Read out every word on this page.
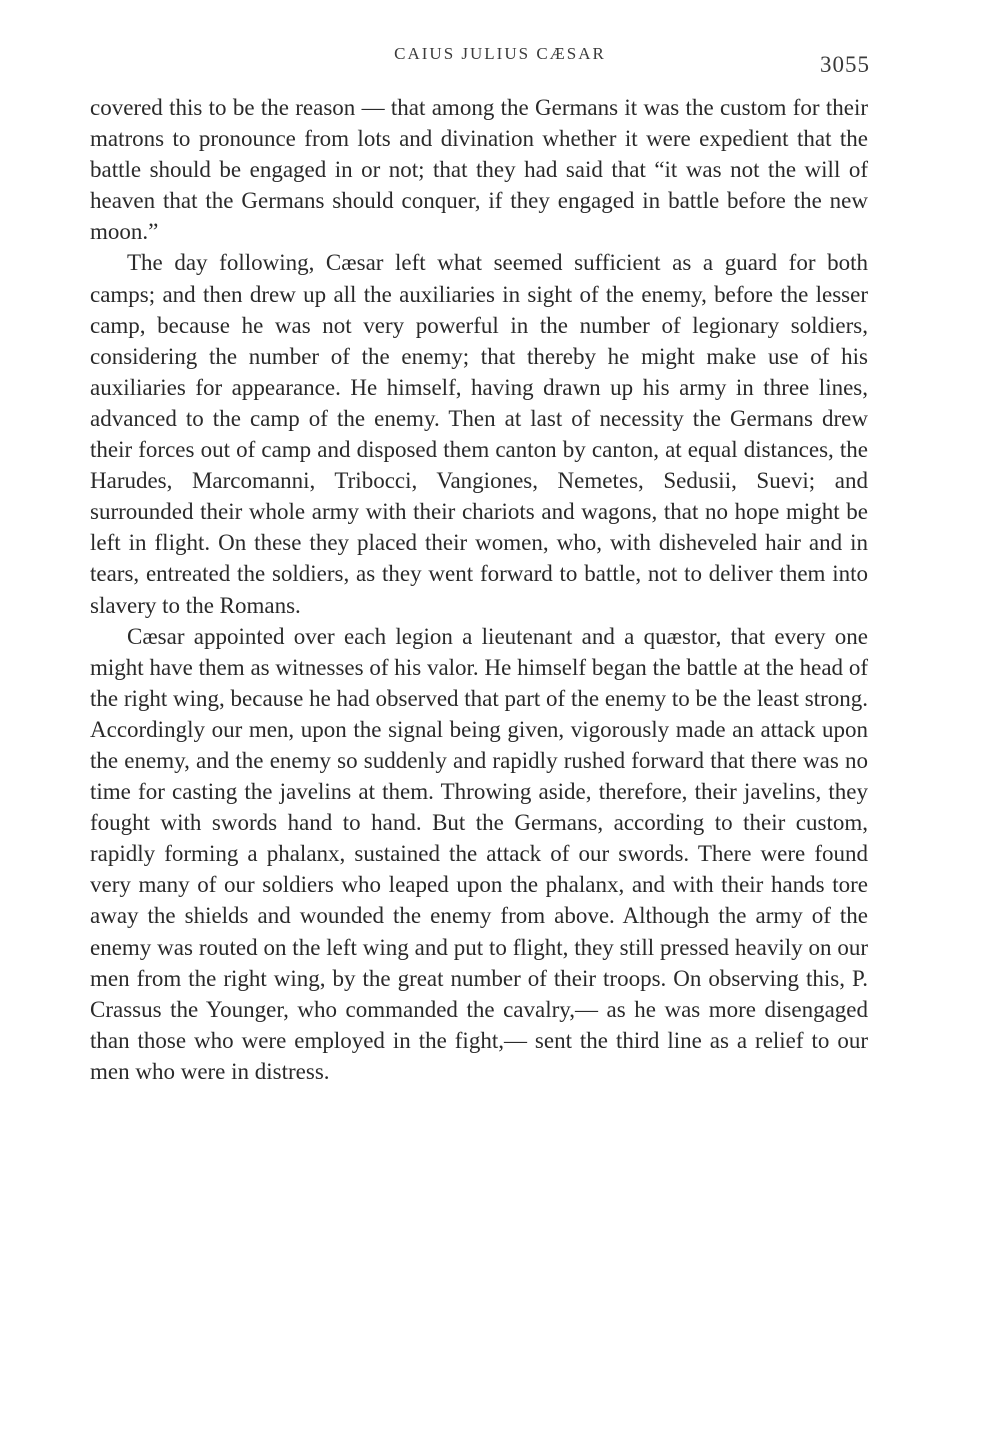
CAIUS JULIUS CÆSAR	3055

covered this to be the reason — that among the Germans it was the custom for their matrons to pronounce from lots and divination whether it were expedient that the battle should be engaged in or not; that they had said that “it was not the will of heaven that the Germans should conquer, if they engaged in battle before the new moon.”

The day following, Cæsar left what seemed sufficient as a guard for both camps; and then drew up all the auxiliaries in sight of the enemy, before the lesser camp, because he was not very powerful in the number of legionary soldiers, considering the number of the enemy; that thereby he might make use of his auxiliaries for appearance. He himself, having drawn up his army in three lines, advanced to the camp of the enemy. Then at last of necessity the Germans drew their forces out of camp and disposed them canton by canton, at equal distances, the Harudes, Marcomanni, Tribocci, Vangiones, Nemetes, Sedusii, Suevi; and surrounded their whole army with their chariots and wagons, that no hope might be left in flight. On these they placed their women, who, with disheveled hair and in tears, entreated the soldiers, as they went forward to battle, not to deliver them into slavery to the Romans.

Cæsar appointed over each legion a lieutenant and a quæstor, that every one might have them as witnesses of his valor. He himself began the battle at the head of the right wing, because he had observed that part of the enemy to be the least strong. Accordingly our men, upon the signal being given, vigorously made an attack upon the enemy, and the enemy so suddenly and rapidly rushed forward that there was no time for casting the javelins at them. Throwing aside, therefore, their javelins, they fought with swords hand to hand. But the Germans, according to their custom, rapidly forming a phalanx, sustained the attack of our swords. There were found very many of our soldiers who leaped upon the phalanx, and with their hands tore away the shields and wounded the enemy from above. Although the army of the enemy was routed on the left wing and put to flight, they still pressed heavily on our men from the right wing, by the great number of their troops. On observing this, P. Crassus the Younger, who commanded the cavalry,— as he was more disengaged than those who were employed in the fight,— sent the third line as a relief to our men who were in distress.
